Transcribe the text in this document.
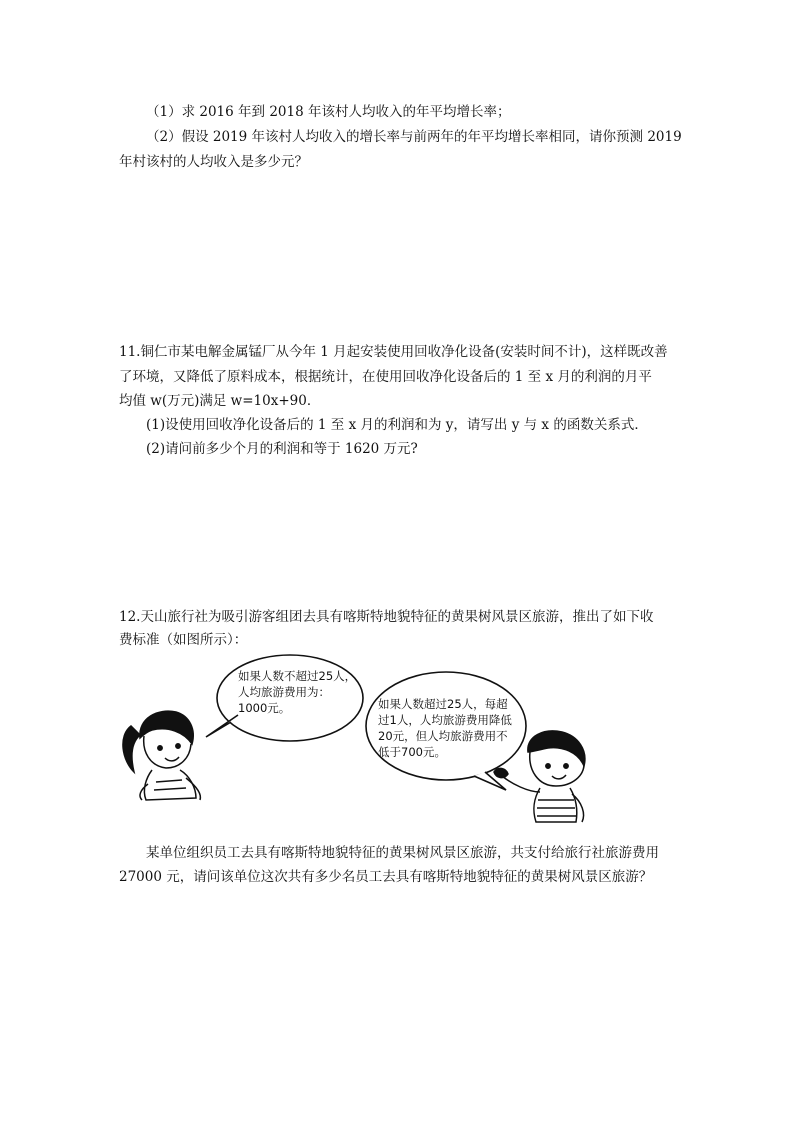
（1）求 2016 年到 2018 年该村人均收入的年平均增长率；
（2）假设 2019 年该村人均收入的增长率与前两年的年平均增长率相同，请你预测 2019
年村该村的人均收入是多少元？
11.铜仁市某电解金属锰厂从今年 1 月起安装使用回收净化设备(安装时间不计)，这样既改善
了环境，又降低了原料成本，根据统计，在使用回收净化设备后的 1 至 x 月的利润的月平
均值 w(万元)满足 w=10x+90．
(1)设使用回收净化设备后的 1 至 x 月的利润和为 y，请写出 y 与 x 的函数关系式．
(2)请问前多少个月的利润和等于 1620 万元?
12.天山旅行社为吸引游客组团去具有喀斯特地貌特征的黄果树风景区旅游，推出了如下收
费标准（如图所示）：
如果人数不超过25人，
人均旅游费用为：
1000元。	如果人数超过25人，每超
过1人，人均旅游费用降低
20元，但人均旅游费用不
低于700元。
某单位组织员工去具有喀斯特地貌特征的黄果树风景区旅游，共支付给旅行社旅游费用
27000 元，请问该单位这次共有多少名员工去具有喀斯特地貌特征的黄果树风景区旅游？
